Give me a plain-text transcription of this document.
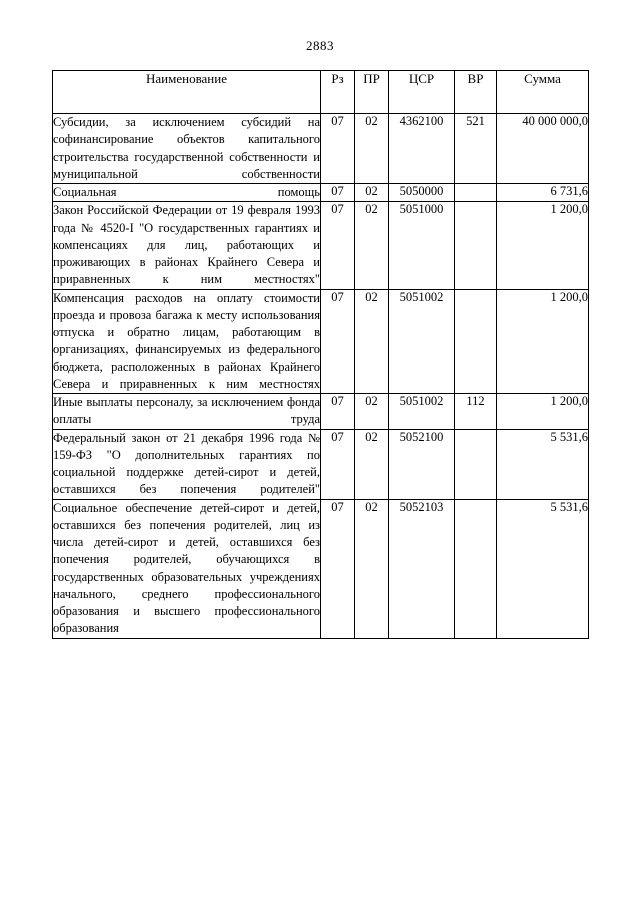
2883
Наименование	Рз	ПР	ЦСР	ВР	Сумма
Субсидии, за исключением субсидий на софинансирование объектов капитального строительства государственной собственности и муниципальной собственности	07	02	4362100	521	40 000 000,0
Социальная помощь	07	02	5050000		6 731,6
Закон Российской Федерации от 19 февраля 1993 года № 4520-I "О государственных гарантиях и компенсациях для лиц, работающих и проживающих в районах Крайнего Севера и приравненных к ним местностях"	07	02	5051000		1 200,0
Компенсация расходов на оплату стоимости проезда и провоза багажа к месту использования отпуска и обратно лицам, работающим в организациях, финансируемых из федерального бюджета, расположенных в районах Крайнего Севера и приравненных к ним местностях	07	02	5051002		1 200,0
Иные выплаты персоналу, за исключением фонда оплаты труда	07	02	5051002	112	1 200,0
Федеральный закон от 21 декабря 1996 года № 159-ФЗ "О дополнительных гарантиях по социальной поддержке детей-сирот и детей, оставшихся без попечения родителей"	07	02	5052100		5 531,6
Социальное обеспечение детей-сирот и детей, оставшихся без попечения родителей, лиц из числа детей-сирот и детей, оставшихся без попечения родителей, обучающихся в государственных образовательных учреждениях начального, среднего профессионального образования и высшего профессионального образования	07	02	5052103		5 531,6
